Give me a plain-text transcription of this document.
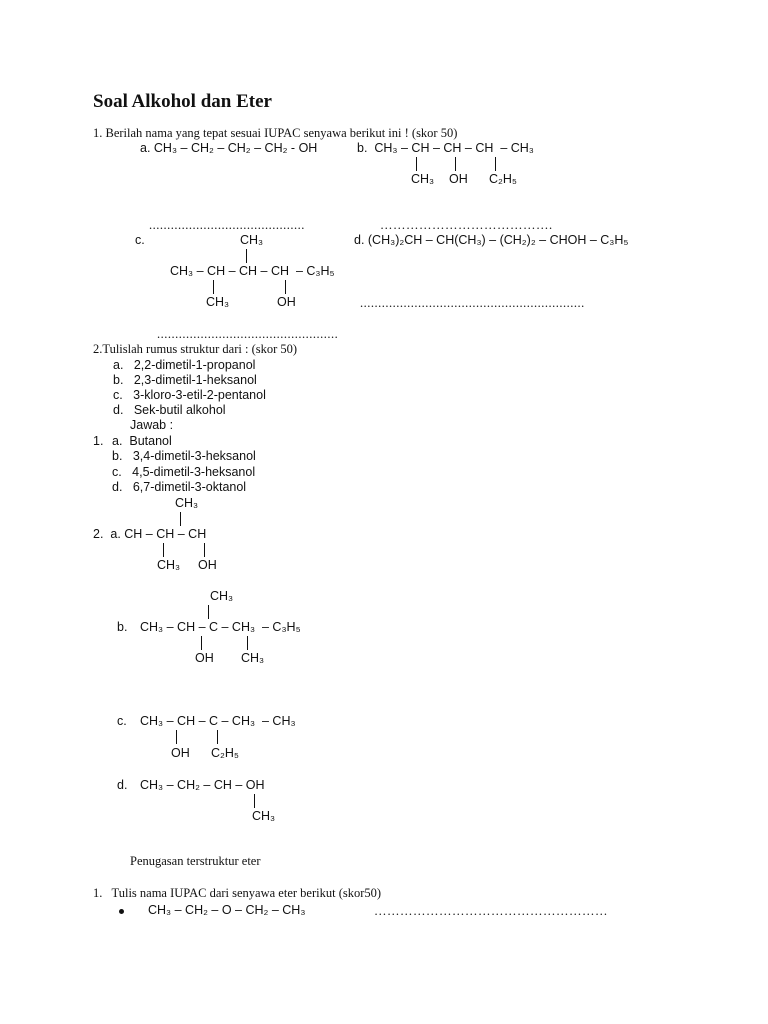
Soal Alkohol dan Eter
1. Berilah nama yang tepat sesuai IUPAC senyawa berikut ini ! (skor 50)
a. CH₃ – CH₂ – CH₂ – CH₂ - OH	b.  CH₃ – CH – CH – CH  – CH₃
CH₃ OH C₂H₅
...........................................	………………………………….
c.	CH₃
CH₃ – CH – CH – CH  – C₃H₅
CH₃	OH
d. (CH₃)₂CH – CH(CH₃) – (CH₂)₂ – CHOH – C₃H₅
..............................................................
..................................................
2.Tulislah rumus struktur dari : (skor 50)
a.   2,2-dimetil-1-propanol
b.   2,3-dimetil-1-heksanol
c.   3-kloro-3-etil-2-pentanol
d.   Sek-butil alkohol
Jawab :
1. a.  Butanol
b.   3,4-dimetil-3-heksanol
c.   4,5-dimetil-3-heksanol
d.   6,7-dimetil-3-oktanol
CH₃
2.  a. CH – CH – CH
CH₃ OH
CH₃
b. CH₃ – CH – C – CH₃  – C₃H₅
OH CH₃
c. CH₃ – CH – C – CH₃  – CH₃
OH C₂H₅
d. CH₃ – CH₂ – CH – OH
CH₃
Penugasan terstruktur eter
1.   Tulis nama IUPAC dari senyawa eter berikut (skor50)
CH₃ – CH₂ – O – CH₂ – CH₃	………………………………………………
